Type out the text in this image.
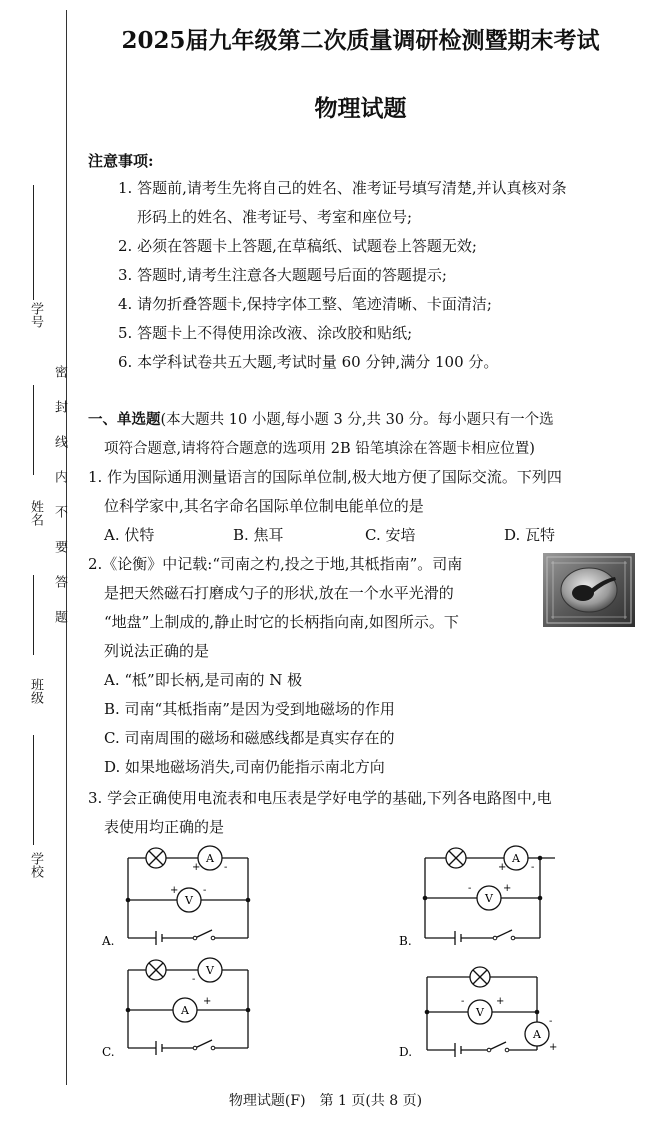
学号
姓名
班级
学校
密封线内不要答题
2025届九年级第二次质量调研检测暨期末考试
物理试题
注意事项:
1. 答题前,请考生先将自己的姓名、准考证号填写清楚,并认真核对条
形码上的姓名、准考证号、考室和座位号;
2. 必须在答题卡上答题,在草稿纸、试题卷上答题无效;
3. 答题时,请考生注意各大题题号后面的答题提示;
4. 请勿折叠答题卡,保持字体工整、笔迹清晰、卡面清洁;
5. 答题卡上不得使用涂改液、涂改胶和贴纸;
6. 本学科试卷共五大题,考试时量 60 分钟,满分 100 分。
一、单选题(本大题共 10 小题,每小题 3 分,共 30 分。每小题只有一个选
项符合题意,请将符合题意的选项用 2B 铅笔填涂在答题卡相应位置)
1. 作为国际通用测量语言的国际单位制,极大地方便了国际交流。下列四
位科学家中,其名字命名国际单位制电能单位的是
A. 伏特	B. 焦耳	C. 安培	D. 瓦特
2.《论衡》中记载:“司南之杓,投之于地,其柢指南”。司南
是把天然磁石打磨成勺子的形状,放在一个水平光滑的
“地盘”上制成的,静止时它的长柄指向南,如图所示。下
列说法正确的是
A. “柢”即长柄,是司南的 N 极
B. 司南“其柢指南”是因为受到地磁场的作用
C. 司南周围的磁场和磁感线都是真实存在的
D. 如果地磁场消失,司南仍能指示南北方向
3. 学会正确使用电流表和电压表是学好电学的基础,下列各电路图中,电
表使用均正确的是
A
V
+ -
+ -
A.
A
V
+ -
-	+
B.
V
A
-
+
C.
V
A
-	+
-
+
D.
物理试题(F)　第 1 页(共 8 页)
